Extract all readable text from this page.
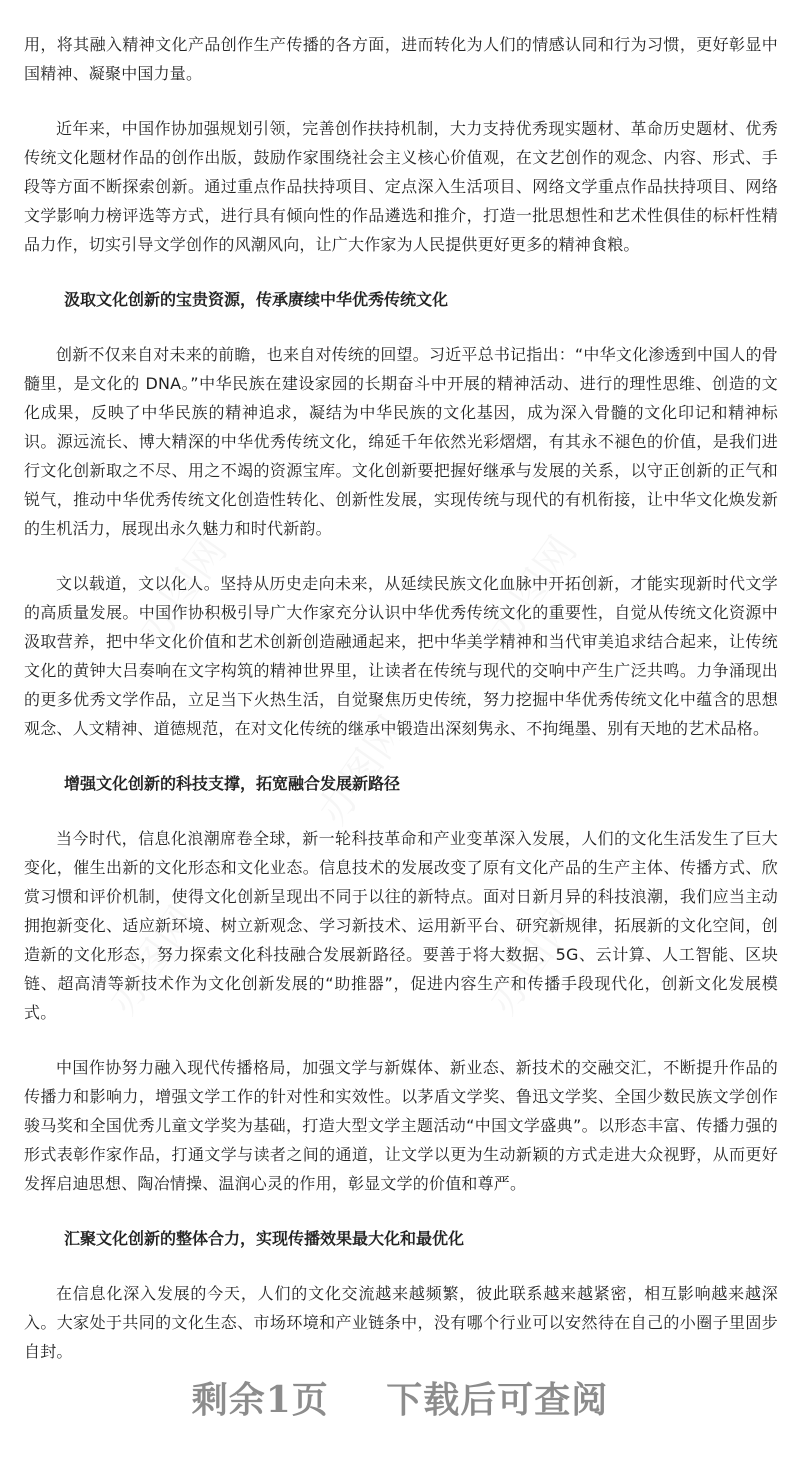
用，将其融入精神文化产品创作生产传播的各方面，进而转化为人们的情感认同和行为习惯，更好彰显中国精神、凝聚中国力量。

近年来，中国作协加强规划引领，完善创作扶持机制，大力支持优秀现实题材、革命历史题材、优秀传统文化题材作品的创作出版，鼓励作家围绕社会主义核心价值观，在文艺创作的观念、内容、形式、手段等方面不断探索创新。通过重点作品扶持项目、定点深入生活项目、网络文学重点作品扶持项目、网络文学影响力榜评选等方式，进行具有倾向性的作品遴选和推介，打造一批思想性和艺术性俱佳的标杆性精品力作，切实引导文学创作的风潮风向，让广大作家为人民提供更好更多的精神食粮。

汲取文化创新的宝贵资源，传承赓续中华优秀传统文化

创新不仅来自对未来的前瞻，也来自对传统的回望。习近平总书记指出：“中华文化渗透到中国人的骨髓里，是文化的 DNA。”中华民族在建设家园的长期奋斗中开展的精神活动、进行的理性思维、创造的文化成果，反映了中华民族的精神追求，凝结为中华民族的文化基因，成为深入骨髓的文化印记和精神标识。源远流长、博大精深的中华优秀传统文化，绵延千年依然光彩熠熠，有其永不褪色的价值，是我们进行文化创新取之不尽、用之不竭的资源宝库。文化创新要把握好继承与发展的关系，以守正创新的正气和锐气，推动中华优秀传统文化创造性转化、创新性发展，实现传统与现代的有机衔接，让中华文化焕发新的生机活力，展现出永久魅力和时代新韵。

文以载道，文以化人。坚持从历史走向未来，从延续民族文化血脉中开拓创新，才能实现新时代文学的高质量发展。中国作协积极引导广大作家充分认识中华优秀传统文化的重要性，自觉从传统文化资源中汲取营养，把中华文化价值和艺术创新创造融通起来，把中华美学精神和当代审美追求结合起来，让传统文化的黄钟大吕奏响在文字构筑的精神世界里，让读者在传统与现代的交响中产生广泛共鸣。力争涌现出的更多优秀文学作品，立足当下火热生活，自觉聚焦历史传统，努力挖掘中华优秀传统文化中蕴含的思想观念、人文精神、道德规范，在对文化传统的继承中锻造出深刻隽永、不拘绳墨、别有天地的艺术品格。

增强文化创新的科技支撑，拓宽融合发展新路径

当今时代，信息化浪潮席卷全球，新一轮科技革命和产业变革深入发展，人们的文化生活发生了巨大变化，催生出新的文化形态和文化业态。信息技术的发展改变了原有文化产品的生产主体、传播方式、欣赏习惯和评价机制，使得文化创新呈现出不同于以往的新特点。面对日新月异的科技浪潮，我们应当主动拥抱新变化、适应新环境、树立新观念、学习新技术、运用新平台、研究新规律，拓展新的文化空间，创造新的文化形态，努力探索文化科技融合发展新路径。要善于将大数据、5G、云计算、人工智能、区块链、超高清等新技术作为文化创新发展的“助推器”，促进内容生产和传播手段现代化，创新文化发展模式。

中国作协努力融入现代传播格局，加强文学与新媒体、新业态、新技术的交融交汇，不断提升作品的传播力和影响力，增强文学工作的针对性和实效性。以茅盾文学奖、鲁迅文学奖、全国少数民族文学创作骏马奖和全国优秀儿童文学奖为基础，打造大型文学主题活动“中国文学盛典”。以形态丰富、传播力强的形式表彰作家作品，打通文学与读者之间的通道，让文学以更为生动新颖的方式走进大众视野，从而更好发挥启迪思想、陶冶情操、温润心灵的作用，彰显文学的价值和尊严。

汇聚文化创新的整体合力，实现传播效果最大化和最优化

在信息化深入发展的今天，人们的文化交流越来越频繁，彼此联系越来越紧密，相互影响越来越深入。大家处于共同的文化生态、市场环境和产业链条中，没有哪个行业可以安然待在自己的小圈子里固步自封。

剩余1页 下载后可查阅
